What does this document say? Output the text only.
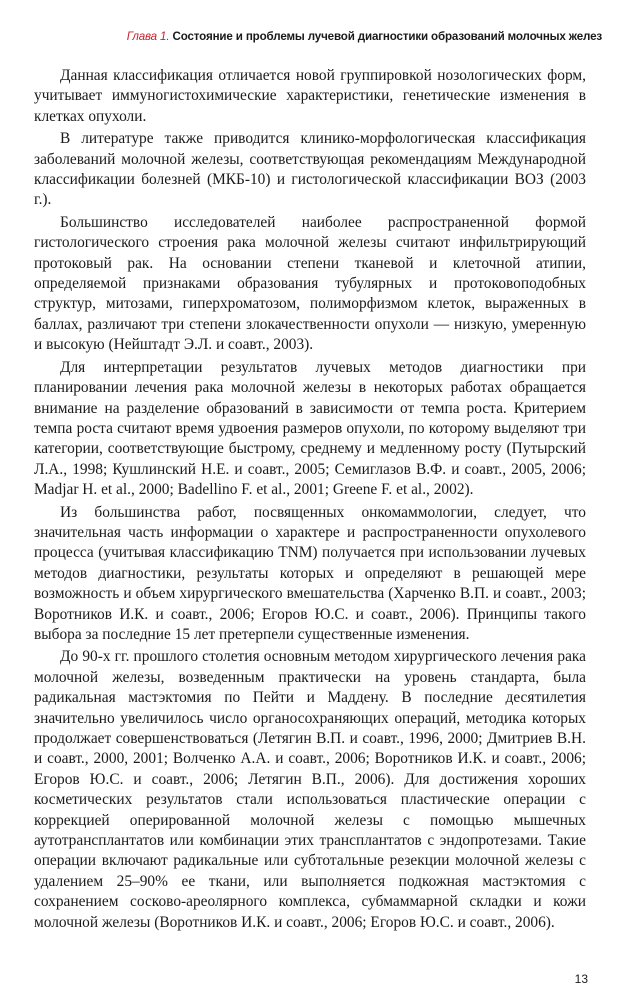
Глава 1. Состояние и проблемы лучевой диагностики образований молочных желез

Данная классификация отличается новой группировкой нозологических форм, учитывает иммуногистохимические характеристики, генетические изменения в клетках опухоли.

В литературе также приводится клинико-морфологическая классификация заболеваний молочной железы, соответствующая рекомендациям Международной классификации болезней (МКБ-10) и гистологической классификации ВОЗ (2003 г.).

Большинство исследователей наиболее распространенной формой гистологического строения рака молочной железы считают инфильтрирующий протоковый рак. На основании степени тканевой и клеточной атипии, определяемой признаками образования тубулярных и протоковоподобных структур, митозами, гиперхроматозом, полиморфизмом клеток, выраженных в баллах, различают три степени злокачественности опухоли — низкую, умеренную и высокую (Нейштадт Э.Л. и соавт., 2003).

Для интерпретации результатов лучевых методов диагностики при планировании лечения рака молочной железы в некоторых работах обращается внимание на разделение образований в зависимости от темпа роста. Критерием темпа роста считают время удвоения размеров опухоли, по которому выделяют три категории, соответствующие быстрому, среднему и медленному росту (Путырский Л.А., 1998; Кушлинский Н.Е. и соавт., 2005; Семиглазов В.Ф. и соавт., 2005, 2006; Madjar H. et al., 2000; Badellino F. et al., 2001; Greene F. et al., 2002).

Из большинства работ, посвященных онкомаммологии, следует, что значительная часть информации о характере и распространенности опухолевого процесса (учитывая классификацию TNM) получается при использовании лучевых методов диагностики, результаты которых и определяют в решающей мере возможность и объем хирургического вмешательства (Харченко В.П. и соавт., 2003; Воротников И.К. и соавт., 2006; Егоров Ю.С. и соавт., 2006). Принципы такого выбора за последние 15 лет претерпели существенные изменения.

До 90-х гг. прошлого столетия основным методом хирургического лечения рака молочной железы, возведенным практически на уровень стандарта, была радикальная мастэктомия по Пейти и Маддену. В последние десятилетия значительно увеличилось число органосохраняющих операций, методика которых продолжает совершенствоваться (Летягин В.П. и соавт., 1996, 2000; Дмитриев В.Н. и соавт., 2000, 2001; Волченко А.А. и соавт., 2006; Воротников И.К. и соавт., 2006; Егоров Ю.С. и соавт., 2006; Летягин В.П., 2006). Для достижения хороших косметических результатов стали использоваться пластические операции с коррекцией оперированной молочной железы с помощью мышечных аутотрансплантатов или комбинации этих трансплантатов с эндопротезами. Такие операции включают радикальные или субтотальные резекции молочной железы с удалением 25–90% ее ткани, или выполняется подкожная мастэктомия с сохранением сосково-ареолярного комплекса, субмаммарной складки и кожи молочной железы (Воротников И.К. и соавт., 2006; Егоров Ю.С. и соавт., 2006).

13
